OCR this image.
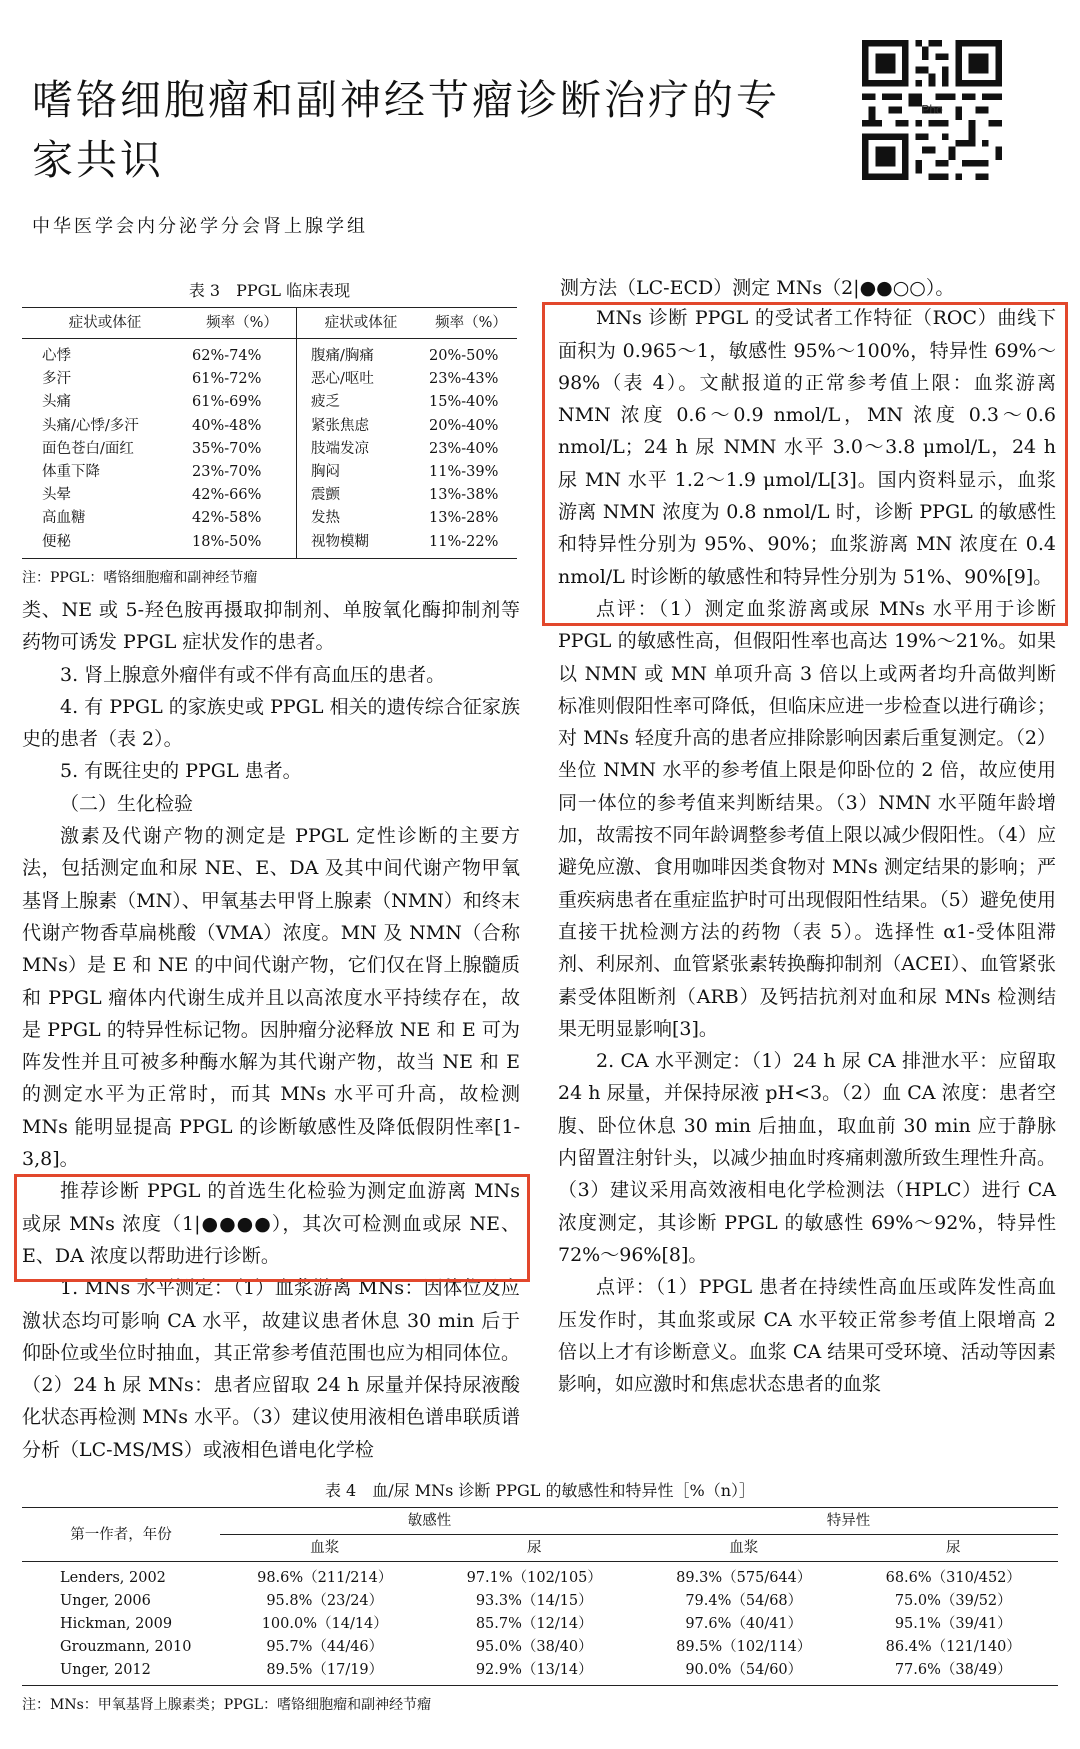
嗜铬细胞瘤和副神经节瘤诊断治疗的专家共识
Pho
中华医学会内分泌学分会肾上腺学组
表 3　PPGL 临床表现
症状或体征	频率（%）	症状或体征	频率（%）
心悸	62%-74%	腹痛/胸痛	20%-50%
多汗	61%-72%	恶心/呕吐	23%-43%
头痛	61%-69%	疲乏	15%-40%
头痛/心悸/多汗	40%-48%	紧张焦虑	20%-40%
面色苍白/面红	35%-70%	肢端发凉	23%-40%
体重下降	23%-70%	胸闷	11%-39%
头晕	42%-66%	震颤	13%-38%
高血糖	42%-58%	发热	13%-28%
便秘	18%-50%	视物模糊	11%-22%
注：PPGL：嗜铬细胞瘤和副神经节瘤
测方法（LC-ECD）测定 MNs（2|●●○○）。

类、NE 或 5-羟色胺再摄取抑制剂、单胺氧化酶抑制剂等药物可诱发 PPGL 症状发作的患者。

3. 肾上腺意外瘤伴有或不伴有高血压的患者。

4. 有 PPGL 的家族史或 PPGL 相关的遗传综合征家族史的患者（表 2）。

5. 有既往史的 PPGL 患者。

（二）生化检验

激素及代谢产物的测定是 PPGL 定性诊断的主要方法，包括测定血和尿 NE、E、DA 及其中间代谢产物甲氧基肾上腺素（MN）、甲氧基去甲肾上腺素（NMN）和终末代谢产物香草扁桃酸（VMA）浓度。MN 及 NMN（合称 MNs）是 E 和 NE 的中间代谢产物，它们仅在肾上腺髓质和 PPGL 瘤体内代谢生成并且以高浓度水平持续存在，故是 PPGL 的特异性标记物。因肿瘤分泌释放 NE 和 E 可为阵发性并且可被多种酶水解为其代谢产物，故当 NE 和 E 的测定水平为正常时，而其 MNs 水平可升高，故检测 MNs 能明显提高 PPGL 的诊断敏感性及降低假阴性率[1-3,8]。

推荐诊断 PPGL 的首选生化检验为测定血游离 MNs 或尿 MNs 浓度（1|●●●●），其次可检测血或尿 NE、E、DA 浓度以帮助进行诊断。

1. MNs 水平测定：（1）血浆游离 MNs：因体位及应激状态均可影响 CA 水平，故建议患者休息 30 min 后于仰卧位或坐位时抽血，其正常参考值范围也应为相同体位。（2）24 h 尿 MNs：患者应留取 24 h 尿量并保持尿液酸化状态再检测 MNs 水平。（3）建议使用液相色谱串联质谱分析（LC-MS/MS）或液相色谱电化学检

MNs 诊断 PPGL 的受试者工作特征（ROC）曲线下面积为 0.965～1，敏感性 95%～100%，特异性 69%～98%（表 4）。文献报道的正常参考值上限：血浆游离 NMN 浓度 0.6～0.9 nmol/L，MN 浓度 0.3～0.6 nmol/L；24 h 尿 NMN 水平 3.0～3.8 μmol/L，24 h 尿 MN 水平 1.2～1.9 μmol/L[3]。国内资料显示，血浆游离 NMN 浓度为 0.8 nmol/L 时，诊断 PPGL 的敏感性和特异性分别为 95%、90%；血浆游离 MN 浓度在 0.4 nmol/L 时诊断的敏感性和特异性分别为 51%、90%[9]。

点评：（1）测定血浆游离或尿 MNs 水平用于诊断 PPGL 的敏感性高，但假阳性率也高达 19%～21%。如果以 NMN 或 MN 单项升高 3 倍以上或两者均升高做判断标准则假阳性率可降低，但临床应进一步检查以进行确诊；对 MNs 轻度升高的患者应排除影响因素后重复测定。（2）坐位 NMN 水平的参考值上限是仰卧位的 2 倍，故应使用同一体位的参考值来判断结果。（3）NMN 水平随年龄增加，故需按不同年龄调整参考值上限以减少假阳性。（4）应避免应激、食用咖啡因类食物对 MNs 测定结果的影响；严重疾病患者在重症监护时可出现假阳性结果。（5）避免使用直接干扰检测方法的药物（表 5）。选择性 α1-受体阻滞剂、利尿剂、血管紧张素转换酶抑制剂（ACEI）、血管紧张素受体阻断剂（ARB）及钙拮抗剂对血和尿 MNs 检测结果无明显影响[3]。

2. CA 水平测定：（1）24 h 尿 CA 排泄水平：应留取 24 h 尿量，并保持尿液 pH<3。（2）血 CA 浓度：患者空腹、卧位休息 30 min 后抽血，取血前 30 min 应于静脉内留置注射针头，以减少抽血时疼痛刺激所致生理性升高。（3）建议采用高效液相电化学检测法（HPLC）进行 CA 浓度测定，其诊断 PPGL 的敏感性 69%～92%，特异性 72%～96%[8]。

点评：（1）PPGL 患者在持续性高血压或阵发性高血压发作时，其血浆或尿 CA 水平较正常参考值上限增高 2 倍以上才有诊断意义。血浆 CA 结果可受环境、活动等因素影响，如应激时和焦虑状态患者的血浆

表 4　血/尿 MNs 诊断 PPGL 的敏感性和特异性［%（n）］
第一作者，年份	敏感性		特异性	
	血浆	尿	血浆	尿
Lenders, 2002	98.6%（211/214）	97.1%（102/105）	89.3%（575/644）	68.6%（310/452）
Unger, 2006	95.8%（23/24）	93.3%（14/15）	79.4%（54/68）	75.0%（39/52）
Hickman, 2009	100.0%（14/14）	85.7%（12/14）	97.6%（40/41）	95.1%（39/41）
Grouzmann, 2010	95.7%（44/46）	95.0%（38/40）	89.5%（102/114）	86.4%（121/140）
Unger, 2012	89.5%（17/19）	92.9%（13/14）	90.0%（54/60）	77.6%（38/49）
注：MNs：甲氧基肾上腺素类；PPGL：嗜铬细胞瘤和副神经节瘤
